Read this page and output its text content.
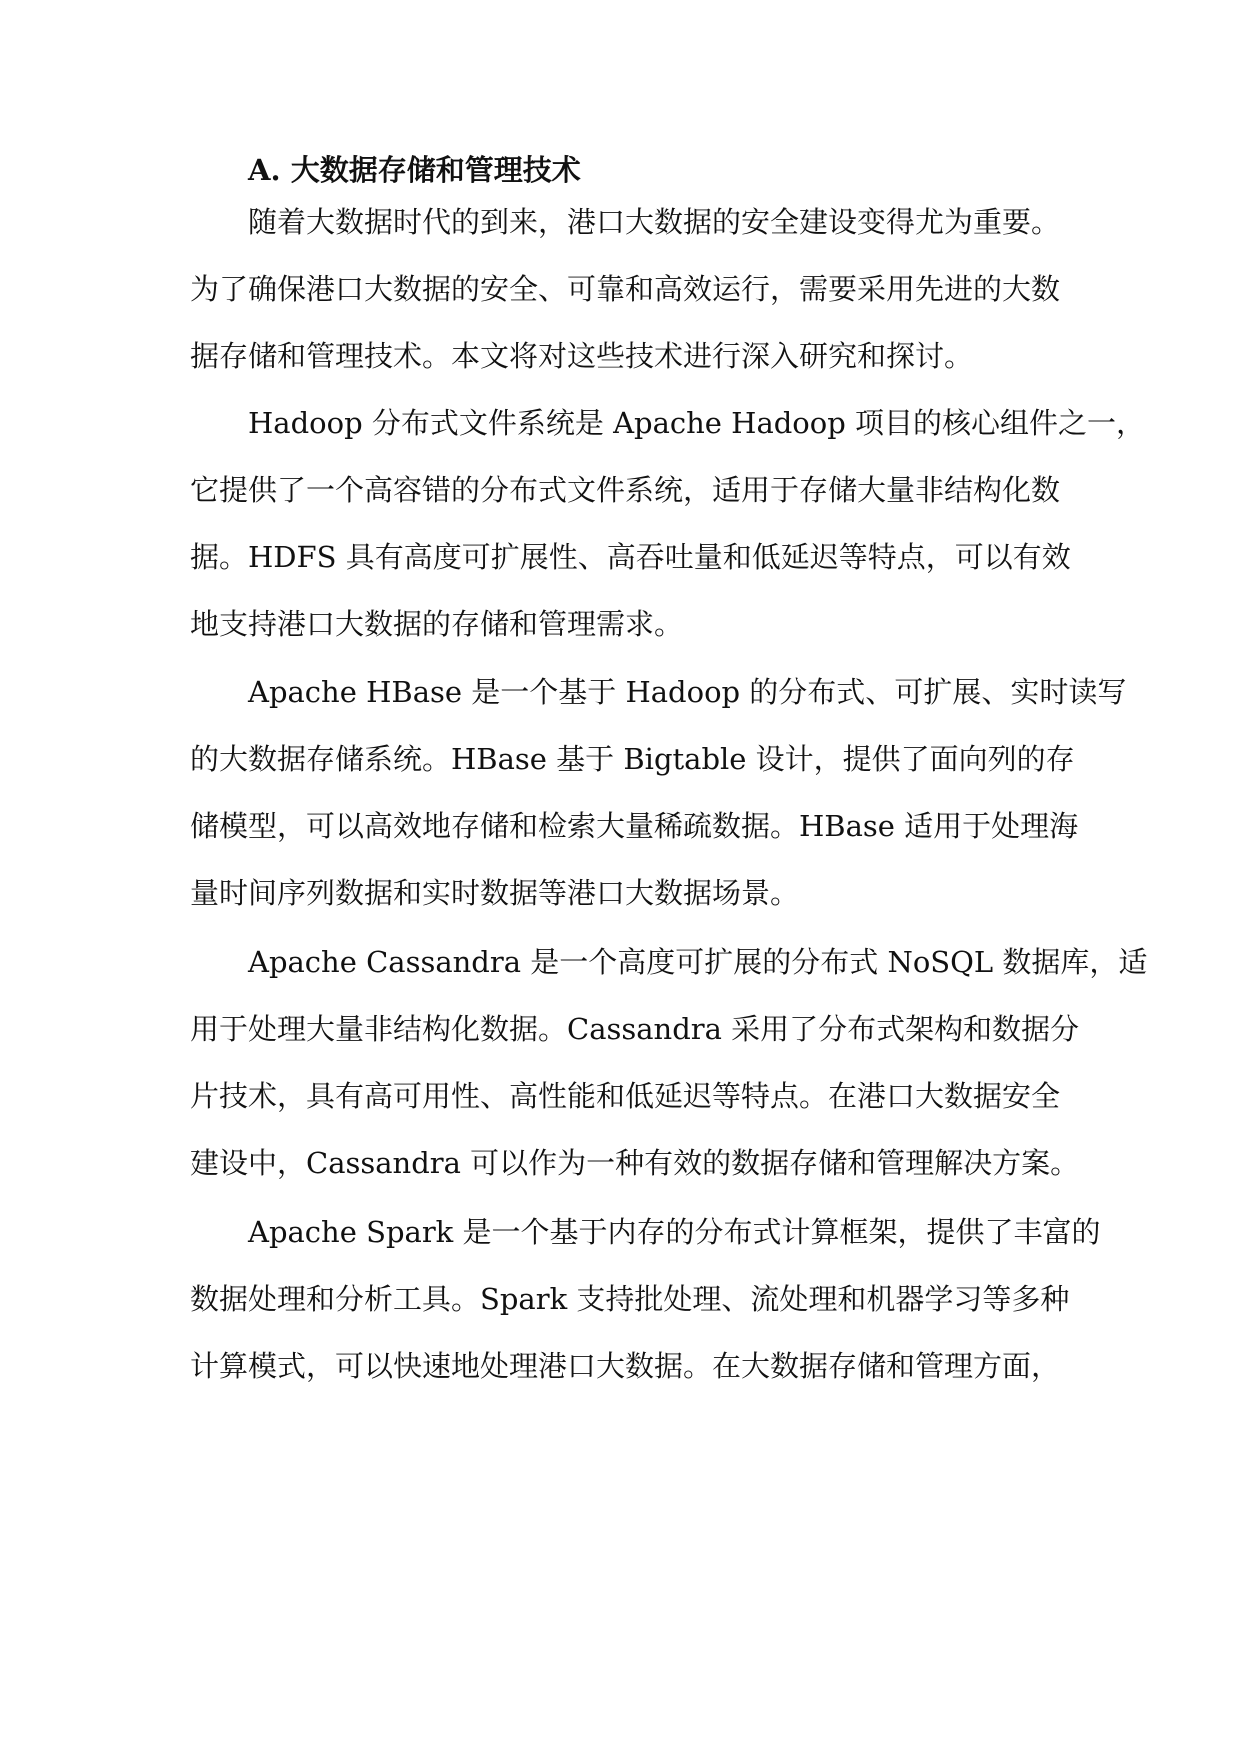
A. 大数据存储和管理技术
随着大数据时代的到来，港口大数据的安全建设变得尤为重要。
为了确保港口大数据的安全、可靠和高效运行，需要采用先进的大数
据存储和管理技术。本文将对这些技术进行深入研究和探讨。
Hadoop 分布式文件系统是 Apache Hadoop 项目的核心组件之一，
它提供了一个高容错的分布式文件系统，适用于存储大量非结构化数
据。HDFS 具有高度可扩展性、高吞吐量和低延迟等特点，可以有效
地支持港口大数据的存储和管理需求。
Apache HBase 是一个基于 Hadoop 的分布式、可扩展、实时读写
的大数据存储系统。HBase 基于 Bigtable 设计，提供了面向列的存
储模型，可以高效地存储和检索大量稀疏数据。HBase 适用于处理海
量时间序列数据和实时数据等港口大数据场景。
Apache Cassandra 是一个高度可扩展的分布式 NoSQL 数据库，适
用于处理大量非结构化数据。Cassandra 采用了分布式架构和数据分
片技术，具有高可用性、高性能和低延迟等特点。在港口大数据安全
建设中，Cassandra 可以作为一种有效的数据存储和管理解决方案。
Apache Spark 是一个基于内存的分布式计算框架，提供了丰富的
数据处理和分析工具。Spark 支持批处理、流处理和机器学习等多种
计算模式，可以快速地处理港口大数据。在大数据存储和管理方面，
